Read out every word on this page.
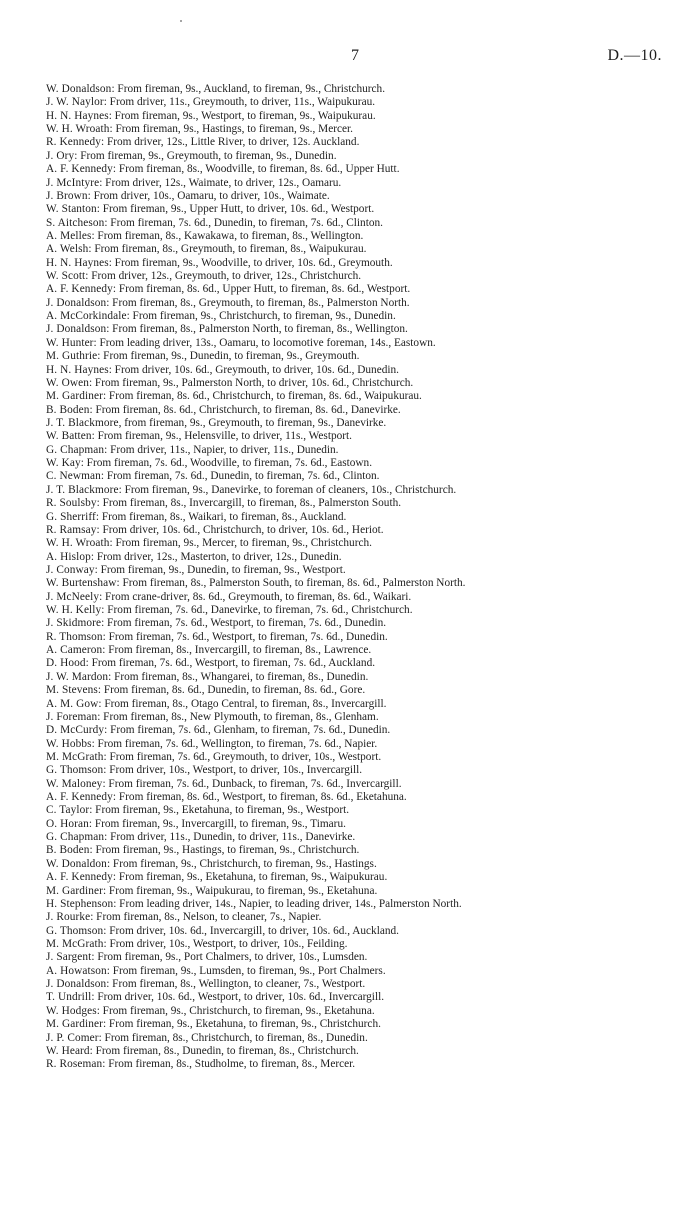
7	D.—10.
W. Donaldson: From fireman, 9s., Auckland, to fireman, 9s., Christchurch.
J. W. Naylor: From driver, 11s., Greymouth, to driver, 11s., Waipukurau.
H. N. Haynes: From fireman, 9s., Westport, to fireman, 9s., Waipukurau.
W. H. Wroath: From fireman, 9s., Hastings, to fireman, 9s., Mercer.
R. Kennedy: From driver, 12s., Little River, to driver, 12s. Auckland.
J. Ory: From fireman, 9s., Greymouth, to fireman, 9s., Dunedin.
A. F. Kennedy: From fireman, 8s., Woodville, to fireman, 8s. 6d., Upper Hutt.
J. McIntyre: From driver, 12s., Waimate, to driver, 12s., Oamaru.
J. Brown: From driver, 10s., Oamaru, to driver, 10s., Waimate.
W. Stanton: From fireman, 9s., Upper Hutt, to driver, 10s. 6d., Westport.
S. Aitcheson: From fireman, 7s. 6d., Dunedin, to fireman, 7s. 6d., Clinton.
A. Melles: From fireman, 8s., Kawakawa, to fireman, 8s., Wellington.
A. Welsh: From fireman, 8s., Greymouth, to fireman, 8s., Waipukurau.
H. N. Haynes: From fireman, 9s., Woodville, to driver, 10s. 6d., Greymouth.
W. Scott: From driver, 12s., Greymouth, to driver, 12s., Christchurch.
A. F. Kennedy: From fireman, 8s. 6d., Upper Hutt, to fireman, 8s. 6d., Westport.
J. Donaldson: From fireman, 8s., Greymouth, to fireman, 8s., Palmerston North.
A. McCorkindale: From fireman, 9s., Christchurch, to fireman, 9s., Dunedin.
J. Donaldson: From fireman, 8s., Palmerston North, to fireman, 8s., Wellington.
W. Hunter: From leading driver, 13s., Oamaru, to locomotive foreman, 14s., Eastown.
M. Guthrie: From fireman, 9s., Dunedin, to fireman, 9s., Greymouth.
H. N. Haynes: From driver, 10s. 6d., Greymouth, to driver, 10s. 6d., Dunedin.
W. Owen: From fireman, 9s., Palmerston North, to driver, 10s. 6d., Christchurch.
M. Gardiner: From fireman, 8s. 6d., Christchurch, to fireman, 8s. 6d., Waipukurau.
B. Boden: From fireman, 8s. 6d., Christchurch, to fireman, 8s. 6d., Danevirke.
J. T. Blackmore, from fireman, 9s., Greymouth, to fireman, 9s., Danevirke.
W. Batten: From fireman, 9s., Helensville, to driver, 11s., Westport.
G. Chapman: From driver, 11s., Napier, to driver, 11s., Dunedin.
W. Kay: From fireman, 7s. 6d., Woodville, to fireman, 7s. 6d., Eastown.
C. Newman: From fireman, 7s. 6d., Dunedin, to fireman, 7s. 6d., Clinton.
J. T. Blackmore: From fireman, 9s., Danevirke, to foreman of cleaners, 10s., Christchurch.
R. Soulsby: From fireman, 8s., Invercargill, to fireman, 8s., Palmerston South.
G. Sherriff: From fireman, 8s., Waikari, to fireman, 8s., Auckland.
R. Ramsay: From driver, 10s. 6d., Christchurch, to driver, 10s. 6d., Heriot.
W. H. Wroath: From fireman, 9s., Mercer, to fireman, 9s., Christchurch.
A. Hislop: From driver, 12s., Masterton, to driver, 12s., Dunedin.
J. Conway: From fireman, 9s., Dunedin, to fireman, 9s., Westport.
W. Burtenshaw: From fireman, 8s., Palmerston South, to fireman, 8s. 6d., Palmerston North.
J. McNeely: From crane-driver, 8s. 6d., Greymouth, to fireman, 8s. 6d., Waikari.
W. H. Kelly: From fireman, 7s. 6d., Danevirke, to fireman, 7s. 6d., Christchurch.
J. Skidmore: From fireman, 7s. 6d., Westport, to fireman, 7s. 6d., Dunedin.
R. Thomson: From fireman, 7s. 6d., Westport, to fireman, 7s. 6d., Dunedin.
A. Cameron: From fireman, 8s., Invercargill, to fireman, 8s., Lawrence.
D. Hood: From fireman, 7s. 6d., Westport, to fireman, 7s. 6d., Auckland.
J. W. Mardon: From fireman, 8s., Whangarei, to fireman, 8s., Dunedin.
M. Stevens: From fireman, 8s. 6d., Dunedin, to fireman, 8s. 6d., Gore.
A. M. Gow: From fireman, 8s., Otago Central, to fireman, 8s., Invercargill.
J. Foreman: From fireman, 8s., New Plymouth, to fireman, 8s., Glenham.
D. McCurdy: From fireman, 7s. 6d., Glenham, to fireman, 7s. 6d., Dunedin.
W. Hobbs: From fireman, 7s. 6d., Wellington, to fireman, 7s. 6d., Napier.
M. McGrath: From fireman, 7s. 6d., Greymouth, to driver, 10s., Westport.
G. Thomson: From driver, 10s., Westport, to driver, 10s., Invercargill.
W. Maloney: From fireman, 7s. 6d., Dunback, to fireman, 7s. 6d., Invercargill.
A. F. Kennedy: From fireman, 8s. 6d., Westport, to fireman, 8s. 6d., Eketahuna.
C. Taylor: From fireman, 9s., Eketahuna, to fireman, 9s., Westport.
O. Horan: From fireman, 9s., Invercargill, to fireman, 9s., Timaru.
G. Chapman: From driver, 11s., Dunedin, to driver, 11s., Danevirke.
B. Boden: From fireman, 9s., Hastings, to fireman, 9s., Christchurch.
W. Donaldon: From fireman, 9s., Christchurch, to fireman, 9s., Hastings.
A. F. Kennedy: From fireman, 9s., Eketahuna, to fireman, 9s., Waipukurau.
M. Gardiner: From fireman, 9s., Waipukurau, to fireman, 9s., Eketahuna.
H. Stephenson: From leading driver, 14s., Napier, to leading driver, 14s., Palmerston North.
J. Rourke: From fireman, 8s., Nelson, to cleaner, 7s., Napier.
G. Thomson: From driver, 10s. 6d., Invercargill, to driver, 10s. 6d., Auckland.
M. McGrath: From driver, 10s., Westport, to driver, 10s., Feilding.
J. Sargent: From fireman, 9s., Port Chalmers, to driver, 10s., Lumsden.
A. Howatson: From fireman, 9s., Lumsden, to fireman, 9s., Port Chalmers.
J. Donaldson: From fireman, 8s., Wellington, to cleaner, 7s., Westport.
T. Undrill: From driver, 10s. 6d., Westport, to driver, 10s. 6d., Invercargill.
W. Hodges: From fireman, 9s., Christchurch, to fireman, 9s., Eketahuna.
M. Gardiner: From fireman, 9s., Eketahuna, to fireman, 9s., Christchurch.
J. P. Comer: From fireman, 8s., Christchurch, to fireman, 8s., Dunedin.
W. Heard: From fireman, 8s., Dunedin, to fireman, 8s., Christchurch.
R. Roseman: From fireman, 8s., Studholme, to fireman, 8s., Mercer.
